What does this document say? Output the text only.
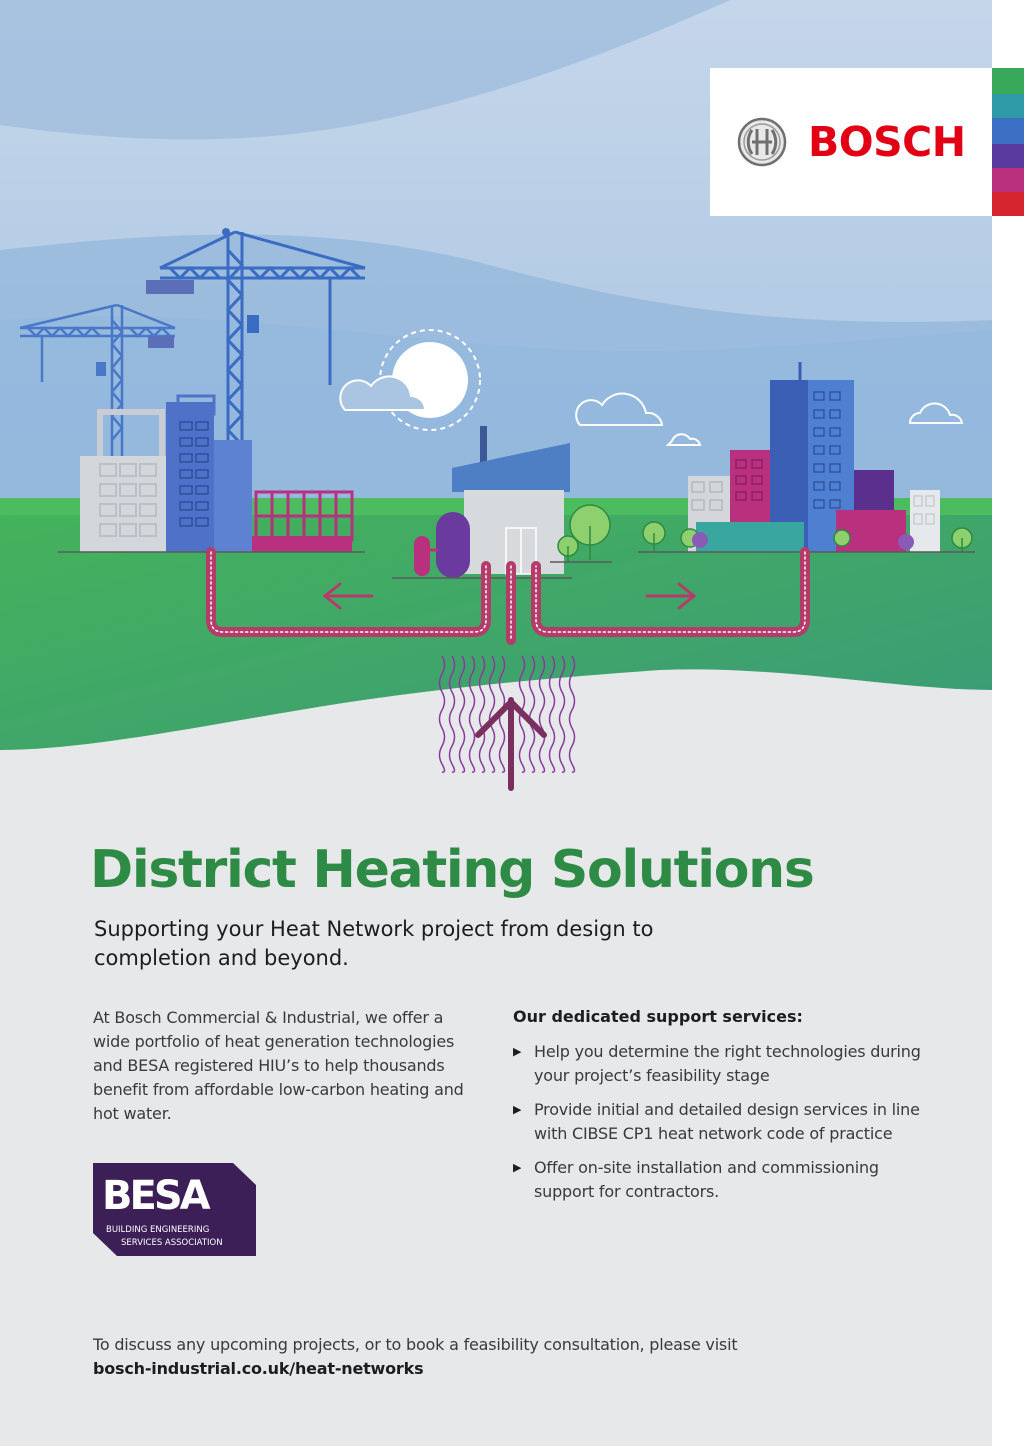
BOSCH
District Heating Solutions

Supporting your Heat Network project from design to completion and beyond.

At Bosch Commercial & Industrial, we offer a wide portfolio of heat generation technologies and BESA registered HIU’s to help thousands benefit from affordable low-carbon heating and hot water.

Our dedicated support services:
▶ Help you determine the right technologies during your project’s feasibility stage
▶ Provide initial and detailed design services in line with CIBSE CP1 heat network code of practice
▶ Offer on-site installation and commissioning support for contractors.
BESA
BUILDING ENGINEERING
SERVICES ASSOCIATION

To discuss any upcoming projects, or to book a feasibility consultation, please visit bosch-industrial.co.uk/heat-networks
